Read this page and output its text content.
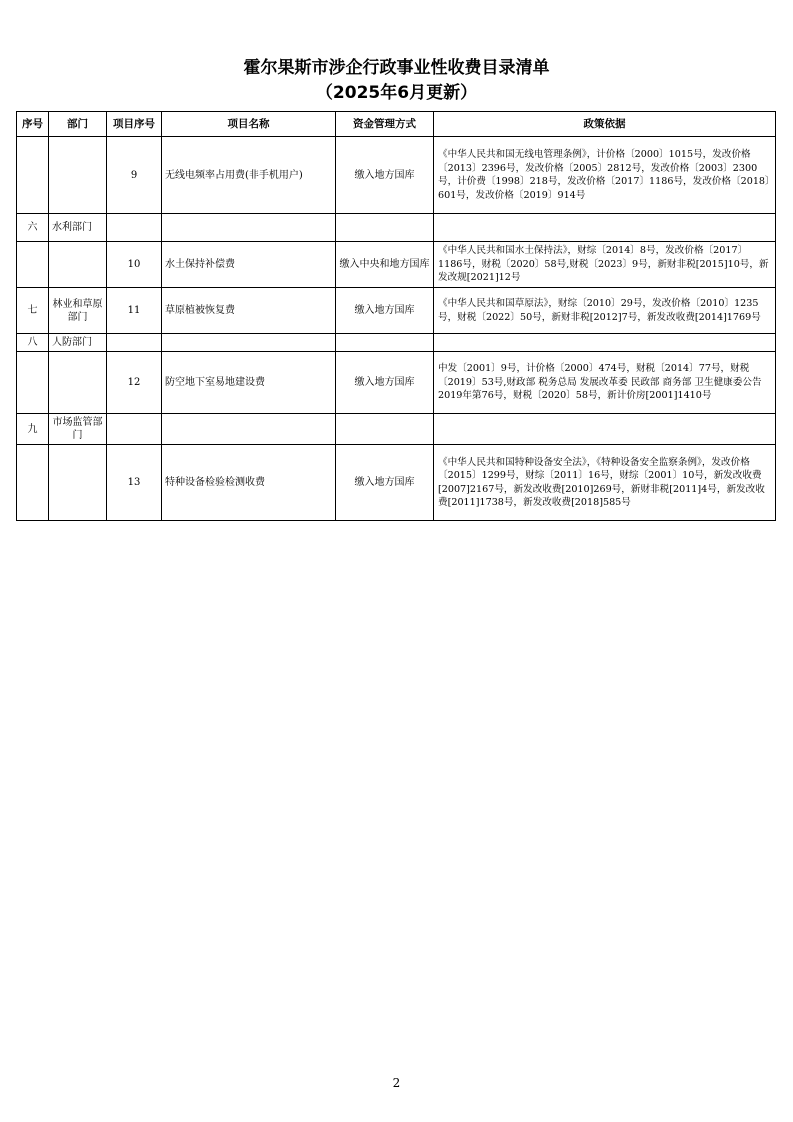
霍尔果斯市涉企行政事业性收费目录清单
（2025年6月更新）
序号	部门	项目序号	项目名称	资金管理方式	政策依据
		9	无线电频率占用费(非手机用户)	缴入地方国库	《中华人民共和国无线电管理条例》，计价格〔2000〕1015号，发改价格〔2013〕2396号，发改价格〔2005〕2812号，发改价格〔2003〕2300号，计价费〔1998〕218号，发改价格〔2017〕1186号，发改价格〔2018〕601号，发改价格〔2019〕914号
六	水利部门				
		10	水土保持补偿费	缴入中央和地方国库	《中华人民共和国水土保持法》，财综〔2014〕8号，发改价格〔2017〕1186号，财税〔2020〕58号,财税〔2023〕9号，新财非税[2015]10号，新发改规[2021]12号
七	林业和草原部门	11	草原植被恢复费	缴入地方国库	《中华人民共和国草原法》，财综〔2010〕29号，发改价格〔2010〕1235号，财税〔2022〕50号，新财非税[2012]7号，新发改收费[2014]1769号
八	人防部门				
		12	防空地下室易地建设费	缴入地方国库	中发〔2001〕9号，计价格〔2000〕474号，财税〔2014〕77号，财税〔2019〕53号,财政部 税务总局 发展改革委 民政部 商务部 卫生健康委公告2019年第76号，财税〔2020〕58号，新计价房[2001]1410号
九	市场监管部门				
		13	特种设备检验检测收费	缴入地方国库	《中华人民共和国特种设备安全法》，《特种设备安全监察条例》，发改价格〔2015〕1299号，财综〔2011〕16号，财综〔2001〕10号，新发改收费[2007]2167号，新发改收费[2010]269号，新财非税[2011]4号，新发改收费[2011]1738号，新发改收费[2018]585号
2
